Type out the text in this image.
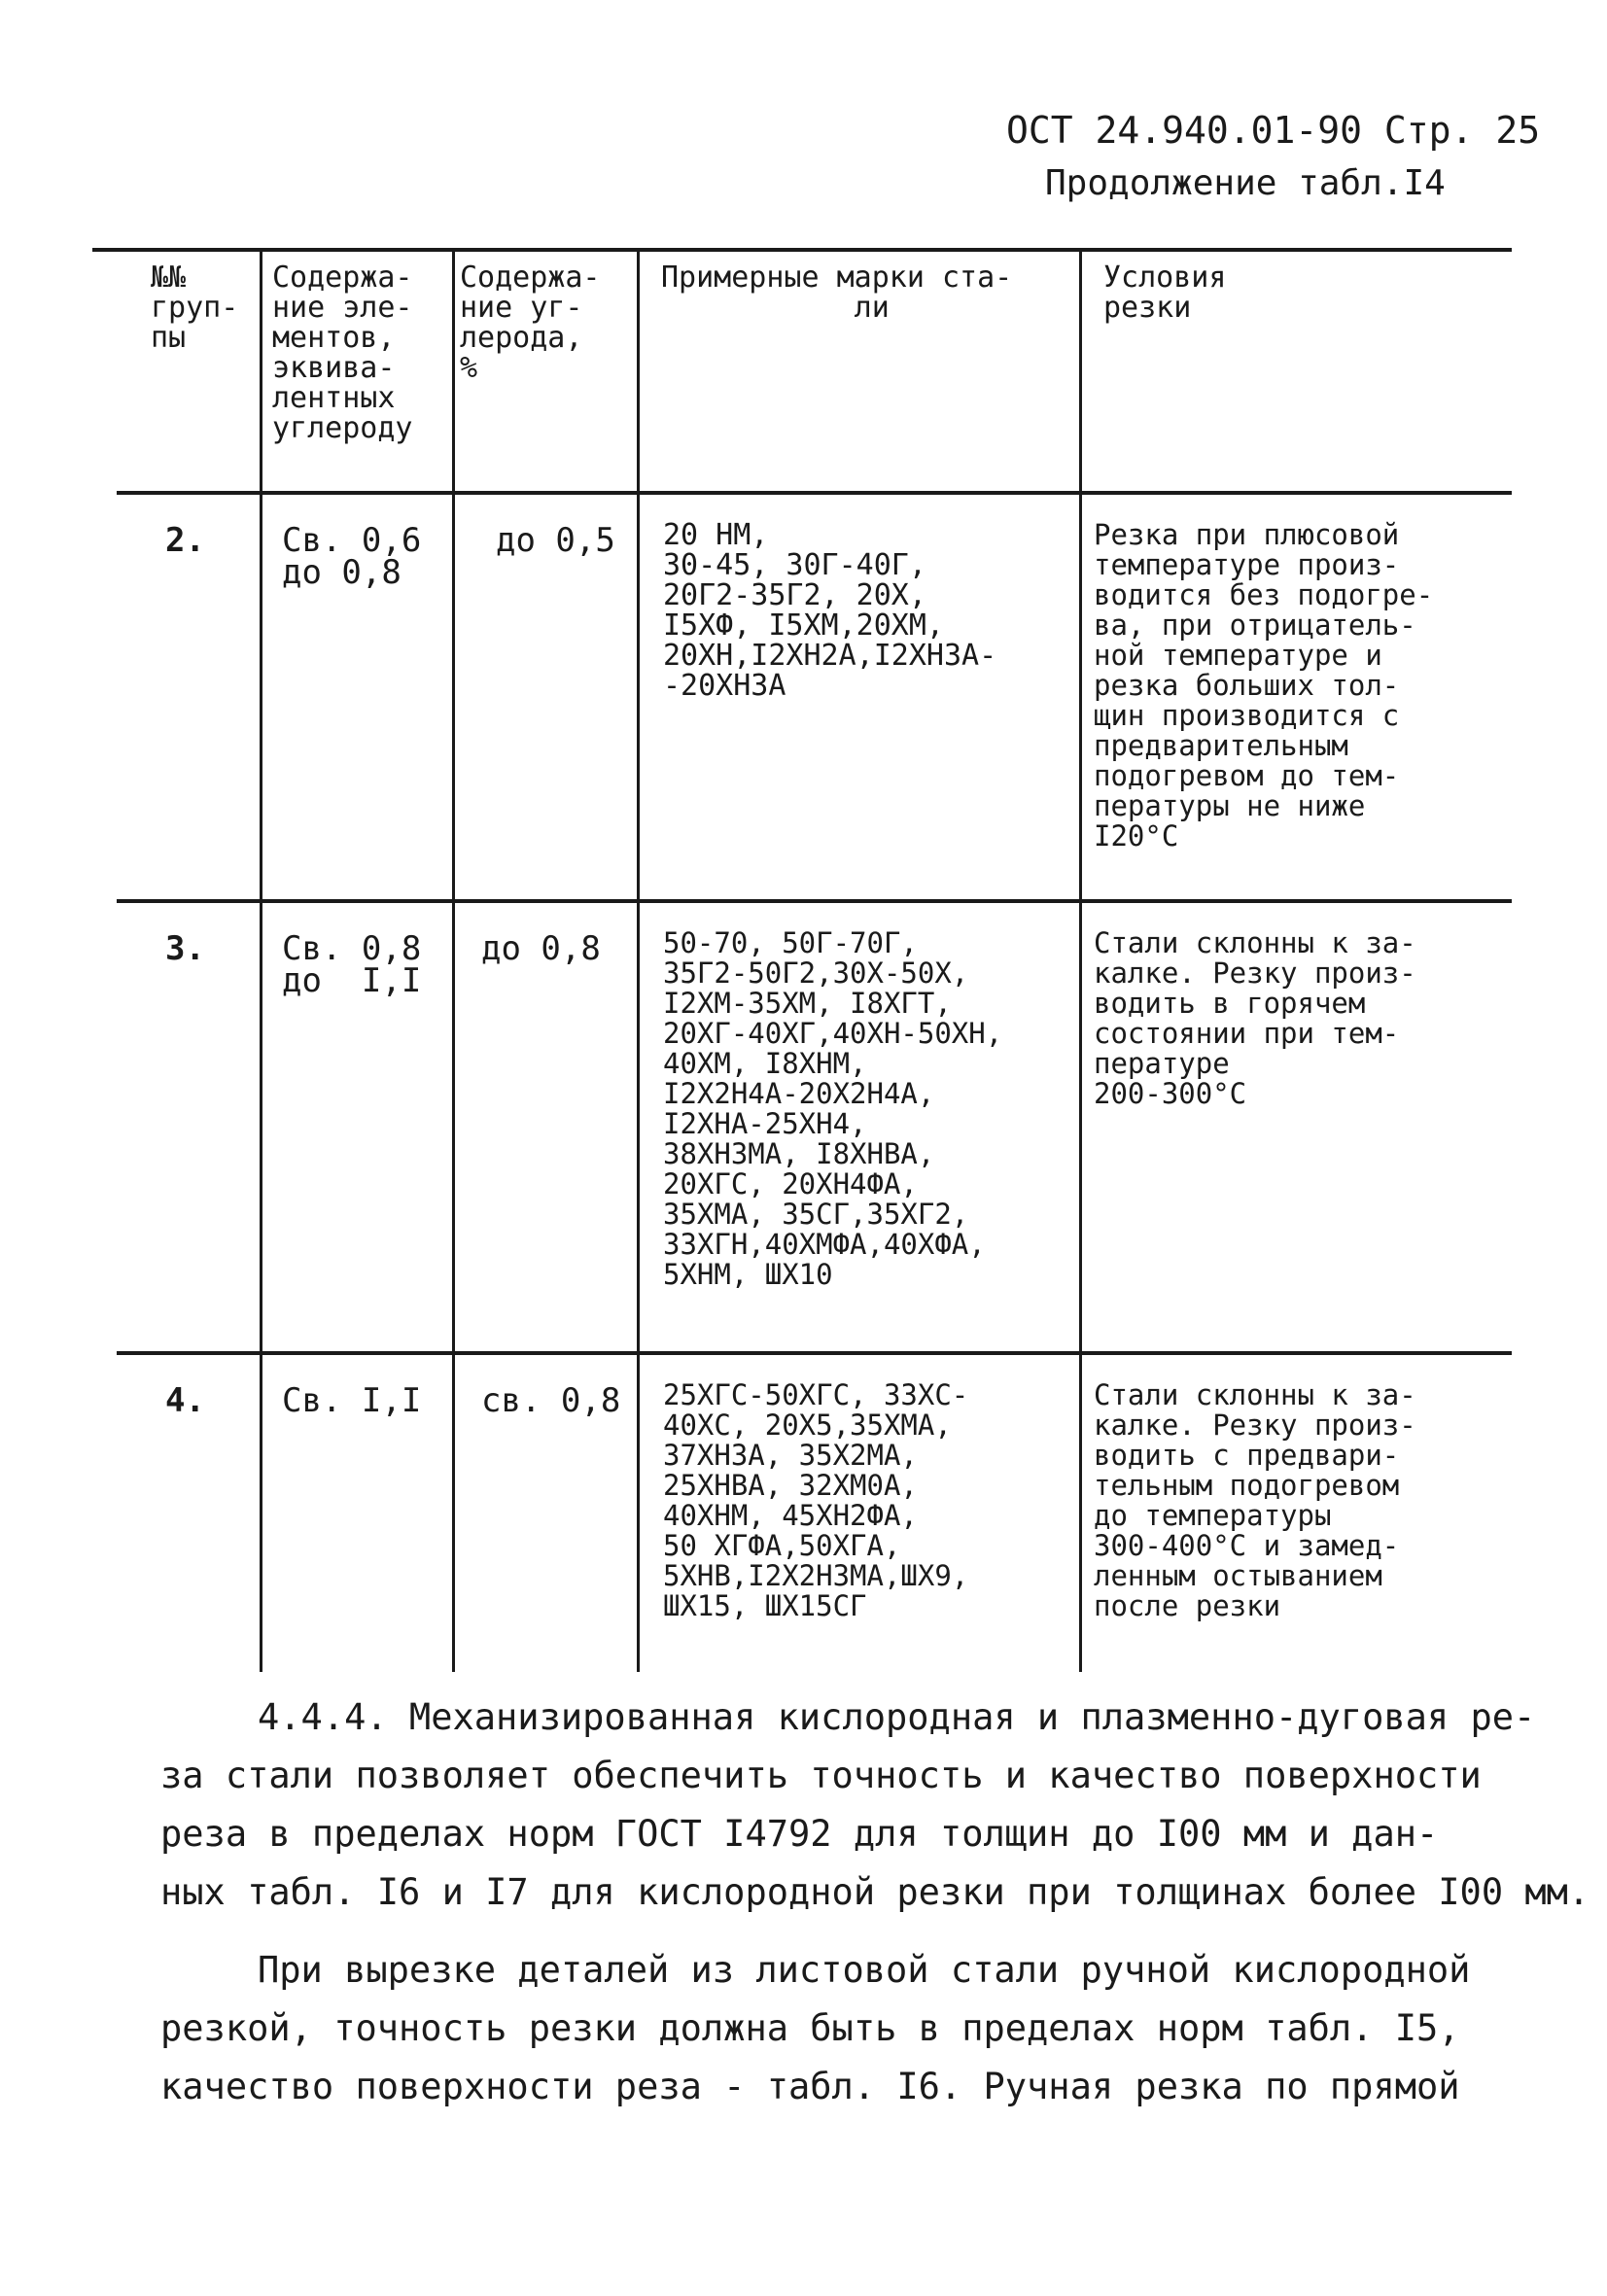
ОСТ 24.940.01-90 Стр. 25
Продолжение табл.I4
№№
груп-
пы
Содержа-
ние эле-
ментов,
эквива-
лентных
углероду
Содержа-
ние уг-
лерода,
%
Примерные марки ста-
ли
Условия
резки
2. Св. 0,6
до 0,8
до 0,5 20 НМ,
30-45, 30Г-40Г,
20Г2-35Г2, 20Х,
I5ХФ, I5ХМ,20ХМ,
20ХН,I2ХН2А,I2ХН3А-
-20ХН3А
Резка при плюсовой
температуре произ-
водится без подогре-
ва, при отрицатель-
ной температуре и
резка больших тол-
щин производится с
предварительным
подогревом до тем-
пературы не ниже
I20°С
3. Св. 0,8
до  I,I
до 0,8 50-70, 50Г-70Г,
35Г2-50Г2,30Х-50Х,
I2ХМ-35ХМ, I8ХГТ,
20ХГ-40ХГ,40ХН-50ХН,
40ХМ, I8ХНМ,
I2Х2Н4А-20Х2Н4А,
I2ХНА-25ХН4,
38ХН3МА, I8ХНВА,
20ХГС, 20ХН4ФА,
35ХМА, 35СГ,35ХГ2,
33ХГН,40ХМФА,40ХФА,
5ХНМ, ШХ10
Стали склонны к за-
калке. Резку произ-
водить в горячем
состоянии при тем-
пературе
200-300°С
4. Св. I,I св. 0,8 25ХГС-50ХГС, 33ХС-
40ХС, 20Х5,35ХМА,
37ХН3А, 35Х2МА,
25ХНВА, 32ХМ0А,
40ХНМ, 45ХН2ФА,
50 ХГФА,50ХГА,
5ХНВ,I2Х2Н3МА,ШХ9,
ШХ15, ШХ15СГ
Стали склонны к за-
калке. Резку произ-
водить с предвари-
тельным подогревом
до температуры
300-400°С и замед-
ленным остыванием
после резки
4.4.4. Механизированная кислородная и плазменно-дуговая ре-
за стали позволяет обеспечить точность и качество поверхности
реза в пределах норм ГОСТ I4792 для толщин до I00 мм и дан-
ных табл. I6 и I7 для кислородной резки при толщинах более I00 мм.
При вырезке деталей из листовой стали ручной кислородной
резкой, точность резки должна быть в пределах норм табл. I5,
качество поверхности реза - табл. I6. Ручная резка по прямой
